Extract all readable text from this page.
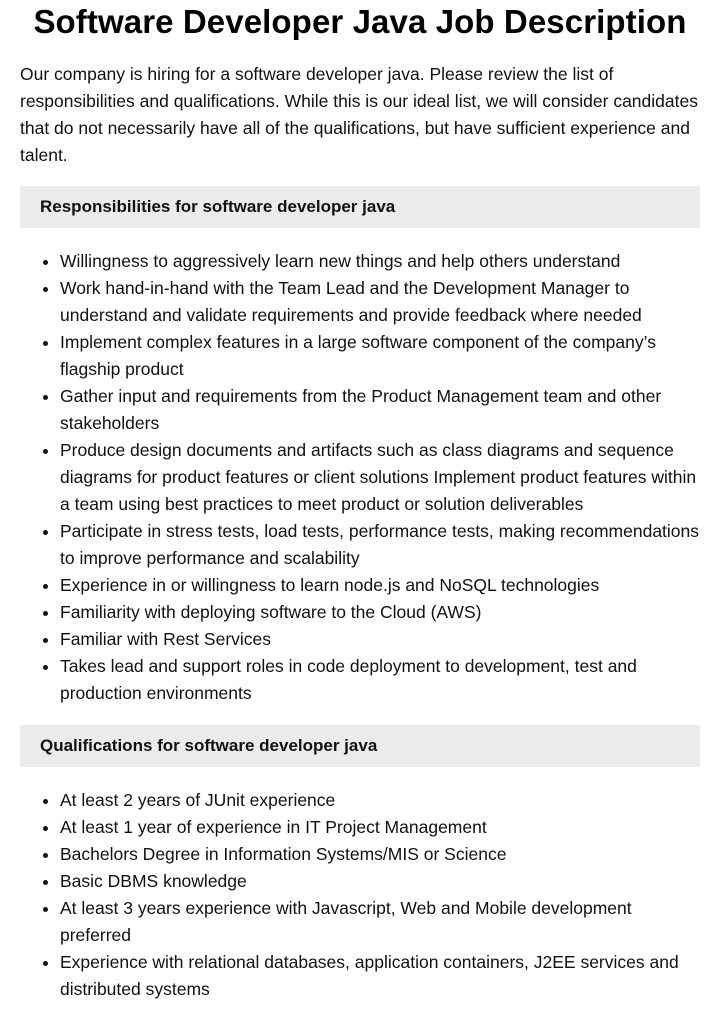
Software Developer Java Job Description

Our company is hiring for a software developer java. Please review the list of responsibilities and qualifications. While this is our ideal list, we will consider candidates that do not necessarily have all of the qualifications, but have sufficient experience and talent.

Responsibilities for software developer java
Willingness to aggressively learn new things and help others understand
Work hand-in-hand with the Team Lead and the Development Manager to understand and validate requirements and provide feedback where needed
Implement complex features in a large software component of the company’s flagship product
Gather input and requirements from the Product Management team and other stakeholders
Produce design documents and artifacts such as class diagrams and sequence diagrams for product features or client solutions Implement product features within a team using best practices to meet product or solution deliverables
Participate in stress tests, load tests, performance tests, making recommendations to improve performance and scalability
Experience in or willingness to learn node.js and NoSQL technologies
Familiarity with deploying software to the Cloud (AWS)
Familiar with Rest Services
Takes lead and support roles in code deployment to development, test and production environments
Qualifications for software developer java
At least 2 years of JUnit experience
At least 1 year of experience in IT Project Management
Bachelors Degree in Information Systems/MIS or Science
Basic DBMS knowledge
At least 3 years experience with Javascript, Web and Mobile development preferred
Experience with relational databases, application containers, J2EE services and distributed systems
